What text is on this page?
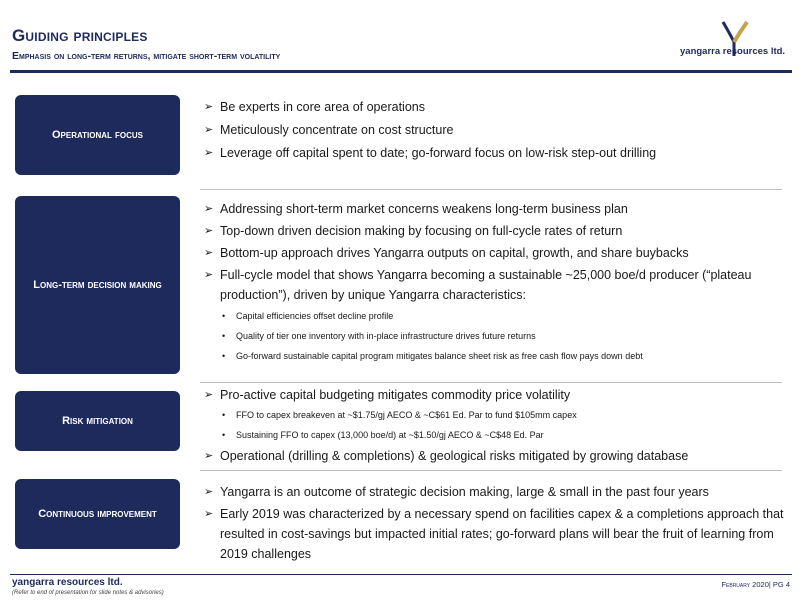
Guiding principles
Emphasis on long-term returns, mitigate short-term volatility	yangarra resources ltd.
Operational focus
Long-term decision making
Risk mitigation
Continuous improvement
➢ Be experts in core area of operations
➢ Meticulously concentrate on cost structure
➢ Leverage off capital spent to date; go-forward focus on low-risk step-out drilling
➢ Addressing short-term market concerns weakens long-term business plan
➢ Top-down driven decision making by focusing on full-cycle rates of return
➢ Bottom-up approach drives Yangarra outputs on capital, growth, and share buybacks
➢ Full-cycle model that shows Yangarra becoming a sustainable ~25,000 boe/d producer (“plateau production”), driven by unique Yangarra characteristics:
• Capital efficiencies offset decline profile
• Quality of tier one inventory with in-place infrastructure drives future returns
• Go-forward sustainable capital program mitigates balance sheet risk as free cash flow pays down debt
➢ Pro-active capital budgeting mitigates commodity price volatility
• FFO to capex breakeven at ~$1.75/gj AECO & ~C$61 Ed. Par to fund $105mm capex
• Sustaining FFO to capex (13,000 boe/d) at ~$1.50/gj AECO & ~C$48 Ed. Par
➢ Operational (drilling & completions) & geological risks mitigated by growing database
➢ Yangarra is an outcome of strategic decision making, large & small in the past four years
➢ Early 2019 was characterized by a necessary spend on facilities capex & a completions approach that resulted in cost-savings but impacted initial rates; go-forward plans will bear the fruit of learning from 2019 challenges
yangarra resources ltd.
(Refer to end of presentation for slide notes & advisories)
February 2020| PG 4
